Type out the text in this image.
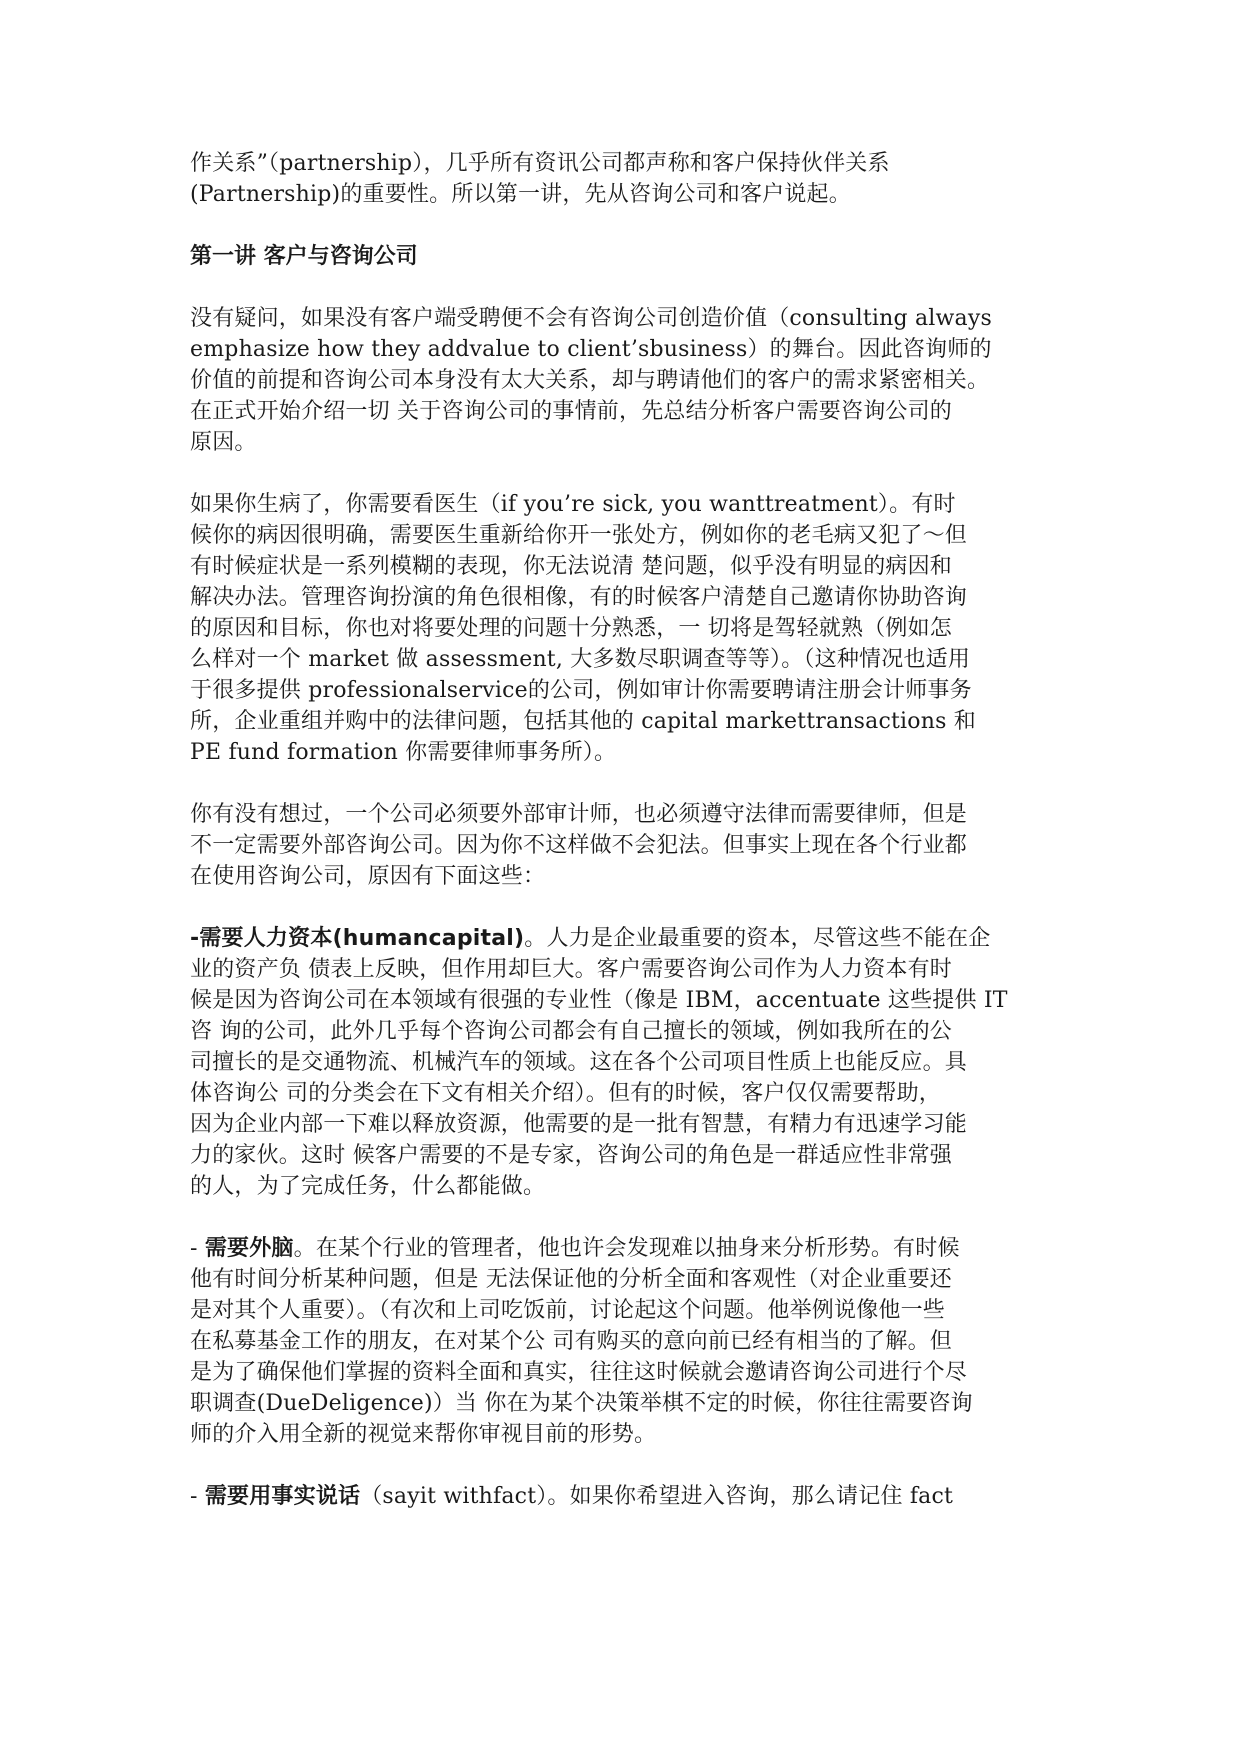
作关系”（partnership），几乎所有资讯公司都声称和客户保持伙伴关系
(Partnership)的重要性。所以第一讲，先从咨询公司和客户说起。
第一讲 客户与咨询公司
没有疑问，如果没有客户端受聘便不会有咨询公司创造价值（consulting always
emphasize how they addvalue to client’sbusiness）的舞台。因此咨询师的
价值的前提和咨询公司本身没有太大关系，却与聘请他们的客户的需求紧密相关。
在正式开始介绍一切 关于咨询公司的事情前，先总结分析客户需要咨询公司的
原因。
如果你生病了，你需要看医生（if you’re sick, you wanttreatment）。有时
候你的病因很明确，需要医生重新给你开一张处方，例如你的老毛病又犯了～但
有时候症状是一系列模糊的表现，你无法说清 楚问题，似乎没有明显的病因和
解决办法。管理咨询扮演的角色很相像，有的时候客户清楚自己邀请你协助咨询
的原因和目标，你也对将要处理的问题十分熟悉，一 切将是驾轻就熟（例如怎
么样对一个 market 做 assessment, 大多数尽职调查等等）。（这种情况也适用
于很多提供 professionalservice的公司，例如审计你需要聘请注册会计师事务
所，企业重组并购中的法律问题，包括其他的 capital markettransactions 和
PE fund formation 你需要律师事务所）。
你有没有想过，一个公司必须要外部审计师，也必须遵守法律而需要律师，但是
不一定需要外部咨询公司。因为你不这样做不会犯法。但事实上现在各个行业都
在使用咨询公司，原因有下面这些：
-需要人力资本(humancapital)。人力是企业最重要的资本，尽管这些不能在企
业的资产负 债表上反映，但作用却巨大。客户需要咨询公司作为人力资本有时
候是因为咨询公司在本领域有很强的专业性（像是 IBM，accentuate 这些提供 IT
咨 询的公司，此外几乎每个咨询公司都会有自己擅长的领域，例如我所在的公
司擅长的是交通物流、机械汽车的领域。这在各个公司项目性质上也能反应。具
体咨询公 司的分类会在下文有相关介绍）。但有的时候，客户仅仅需要帮助，
因为企业内部一下难以释放资源，他需要的是一批有智慧，有精力有迅速学习能
力的家伙。这时 候客户需要的不是专家，咨询公司的角色是一群适应性非常强
的人，为了完成任务，什么都能做。
- 需要外脑。在某个行业的管理者，他也许会发现难以抽身来分析形势。有时候
他有时间分析某种问题，但是 无法保证他的分析全面和客观性（对企业重要还
是对其个人重要）。（有次和上司吃饭前，讨论起这个问题。他举例说像他一些
在私募基金工作的朋友，在对某个公 司有购买的意向前已经有相当的了解。但
是为了确保他们掌握的资料全面和真实，往往这时候就会邀请咨询公司进行个尽
职调查(DueDeligence)）当 你在为某个决策举棋不定的时候，你往往需要咨询
师的介入用全新的视觉来帮你审视目前的形势。
- 需要用事实说话（sayit withfact）。如果你希望进入咨询，那么请记住 fact
